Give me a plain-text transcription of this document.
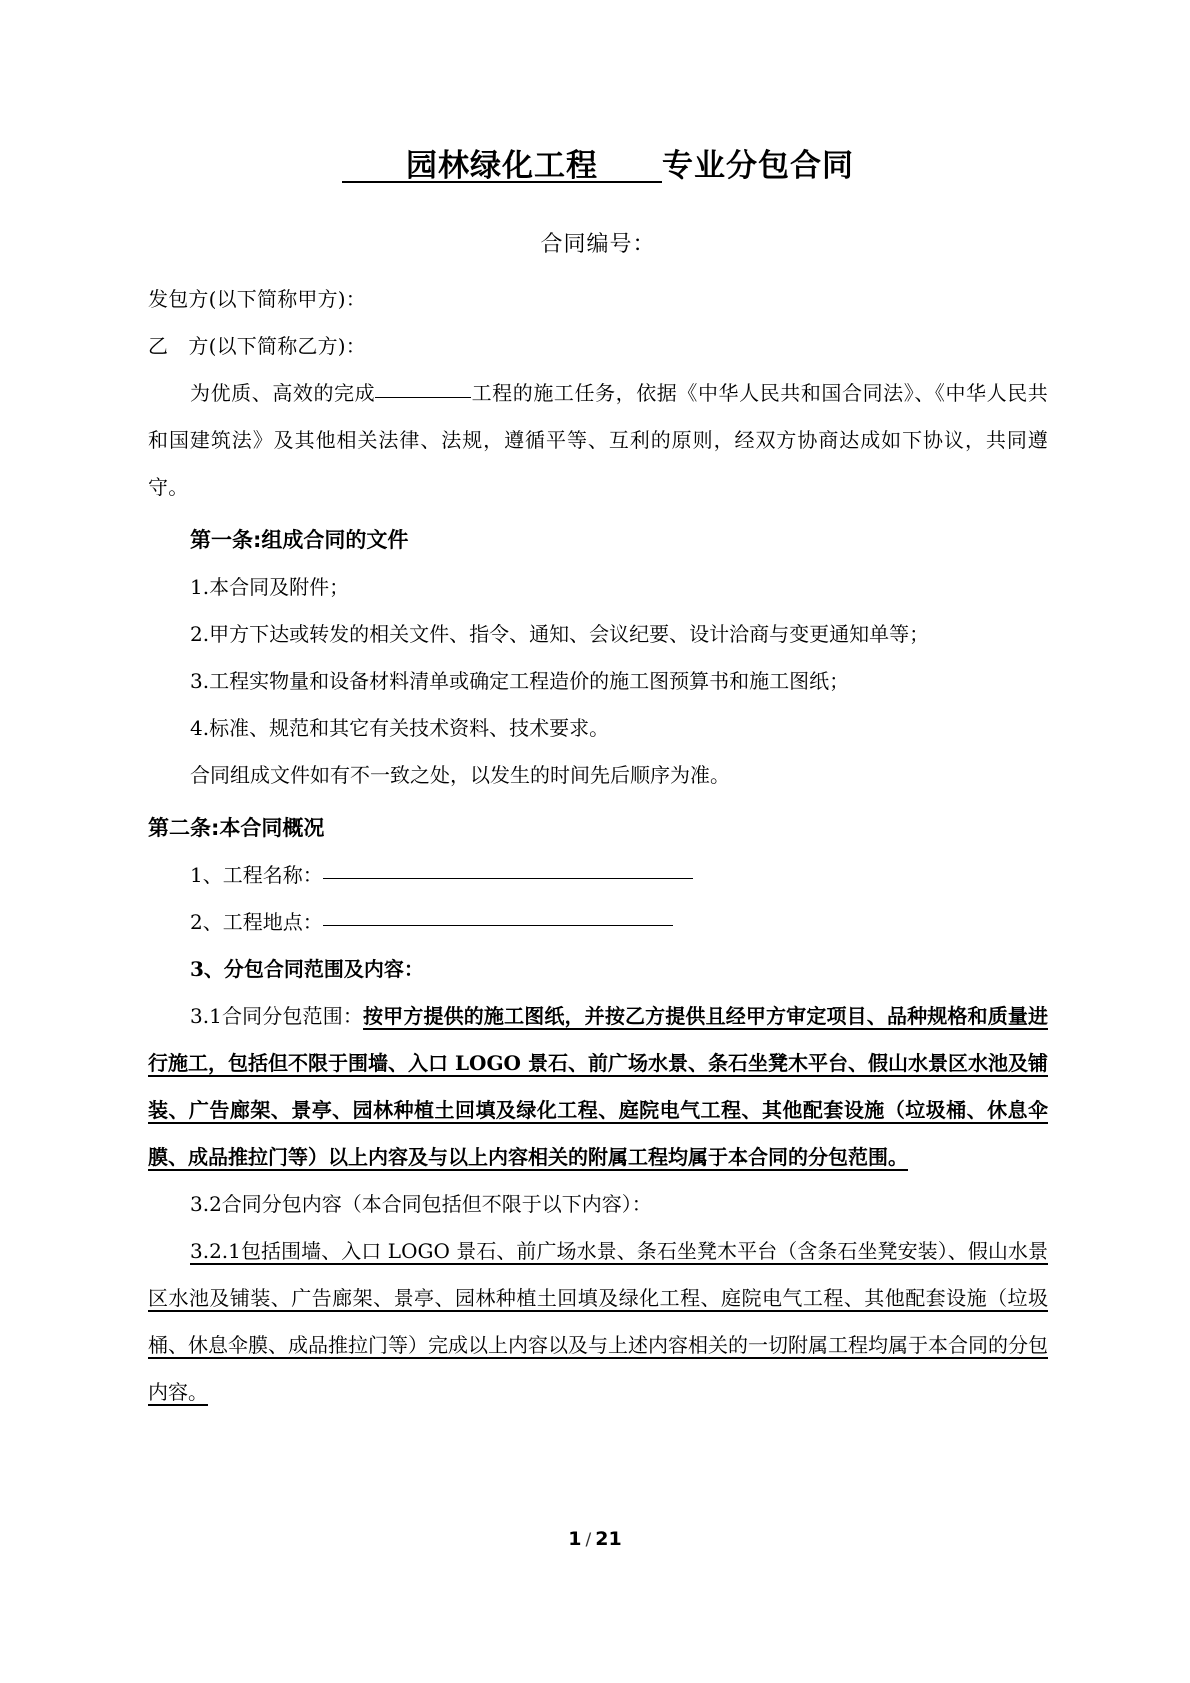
　　园林绿化工程　　专业分包合同

合同编号：

发包方(以下简称甲方)：

乙　方(以下简称乙方)：

为优质、高效的完成	工程的施工任务，依据《中华人民共和国合同法》、《中华人民共和国建筑法》及其他相关法律、法规，遵循平等、互利的原则，经双方协商达成如下协议，共同遵守。

第一条:组成合同的文件

1.本合同及附件；

2.甲方下达或转发的相关文件、指令、通知、会议纪要、设计洽商与变更通知单等；

3.工程实物量和设备材料清单或确定工程造价的施工图预算书和施工图纸；

4.标准、规范和其它有关技术资料、技术要求。

合同组成文件如有不一致之处，以发生的时间先后顺序为准。

第二条:本合同概况

1、工程名称：

2、工程地点：

3、分包合同范围及内容：

3.1合同分包范围：按甲方提供的施工图纸，并按乙方提供且经甲方审定项目、品种规格和质量进行施工，包括但不限于围墙、入口 LOGO 景石、前广场水景、条石坐凳木平台、假山水景区水池及铺装、广告廊架、景亭、园林种植土回填及绿化工程、庭院电气工程、其他配套设施（垃圾桶、休息伞膜、成品推拉门等）以上内容及与以上内容相关的附属工程均属于本合同的分包范围。

3.2合同分包内容（本合同包括但不限于以下内容）：

3.2.1包括围墙、入口 LOGO 景石、前广场水景、条石坐凳木平台（含条石坐凳安装）、假山水景区水池及铺装、广告廊架、景亭、园林种植土回填及绿化工程、庭院电气工程、其他配套设施（垃圾桶、休息伞膜、成品推拉门等）完成以上内容以及与上述内容相关的一切附属工程均属于本合同的分包内容。

1 / 21
